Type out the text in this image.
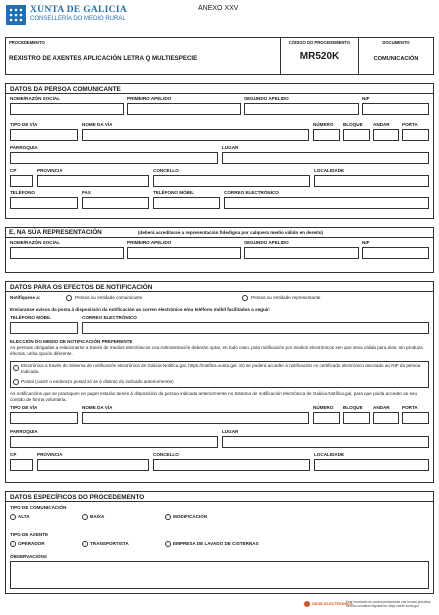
XUNTA DE GALICIA
CONSELLERÍA DO MEDIO RURAL
ANEXO XXV
PROCEDEMENTO
REXISTRO DE AXENTES APLICACIÓN LETRA Q MULTIESPECIE
CÓDIGO DO PROCEDEMENTO
MR520K
DOCUMENTO
COMUNICACIÓN
DATOS DA PERSOA COMUNICANTE
NOME/RAZÓN SOCIAL	PRIMEIRO APELIDO	SEGUNDO APELIDO	NIF
TIPO DE VÍA	NOME DA VÍA	NÚMERO BLOQUE ANDAR	PORTA
PARROQUIA	LUGAR
CP	PROVINCIA	CONCELLO	LOCALIDADE
TELÉFONO	FAX	TELÉFONO MÓBIL	CORREO ELECTRÓNICO
E, NA SÚA REPRESENTACIÓN	(deberá acreditarse a representación fidedigna por calquera medio válido en dereito)
NOME/RAZÓN SOCIAL	PRIMEIRO APELIDO	SEGUNDO APELIDO	NIF
DATOS PARA OS EFECTOS DE NOTIFICACIÓN
Notifíquese a:	Persoa ou entidade comunicante	Persoa ou entidade representante
Enviaranse avisos da posta á disposición da notificación ao correo electrónico e/ou teléfono móbil facilitados a seguir:
TELÉFONO MÓBIL	CORREO ELECTRÓNICO
ELECCIÓN DO MEDIO DE NOTIFICACIÓN PREFERENTE
As persoas obrigadas a relacionarse a través de medios electrónicos coa Administración deberán optar, en todo caso, pola notificación por medios electrónicos sen que sexa válida para elas, nin produza efectos, unha opción diferente.
Electrónica a través do Sistema de notificación electrónica de Galicia-Notifica.gal, https://notifica.xunta.gal. Só se poderá acceder á notificación co certificado electrónico asociado ao NIF da persoa indicada.
Postal (cubrir o enderezo postal só se é distinto do indicado anteriormente)
As notificacións que se practiquen en papel estarán tamén á disposición da persoa indicada anteriormente no Sistema de notificación electrónica de Galicia-Notifica.gal, para que poida acceder ao seu contido de forma voluntaria.
TIPO DE VÍA	NOME DA VÍA	NÚMERO BLOQUE ANDAR	PORTA
PARROQUIA	LUGAR
CP	PROVINCIA	CONCELLO	LOCALIDADE
DATOS ESPECÍFICOS DO PROCEDEMENTO
TIPO DE COMUNICACIÓN
ALTA	BAIXA	MODIFICACIÓN
TIPO DE AXENTE
OPERADOR	TRANSPORTISTA	EMPRESA DE LAVADO DE CISTERNAS
OBSERVACIÓNS
SEDE ELECTRÓNICA
Este formulario só poderá presentarse nas formas previstas na súa normativa reguladora. https://sede.xunta.gal
